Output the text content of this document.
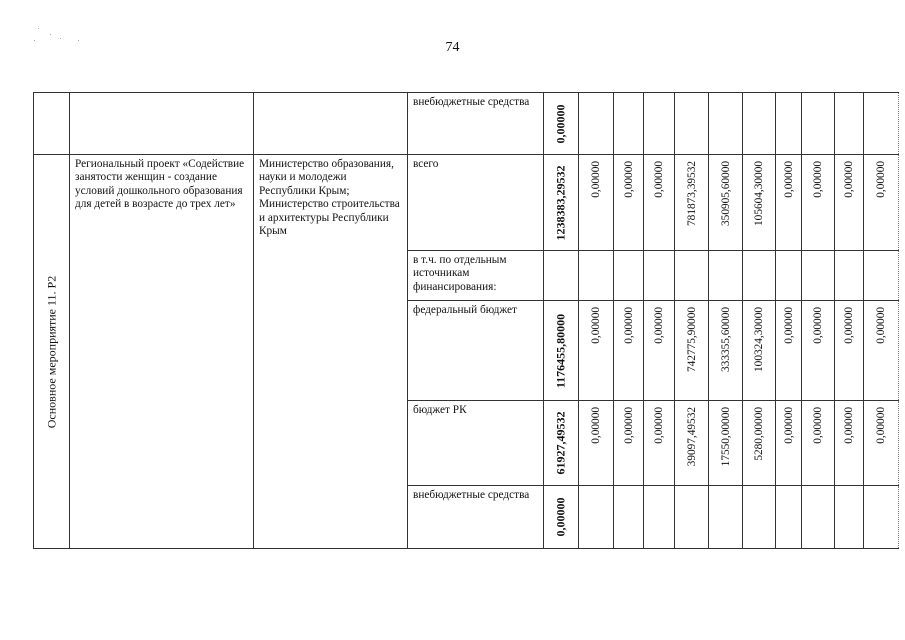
74

			внебюджетные средства	0,00000										

Основное мероприятие 11. Р2	Региональный проект «Содействие занятости женщин - создание условий дошкольного образования для детей в возрасте до трех лет»	Министерство образования, науки и молодежи Республики Крым; Министерство строительства и архитектуры Республики Крым	всего	1238383,29532	0,00000	0,00000	0,00000	781873,39532	350905,60000	105604,30000	0,00000	0,00000	0,00000	0,00000

			в т.ч. по отдельным источникам финансирования:											

			федеральный бюджет	1176455,80000	0,00000	0,00000	0,00000	742775,90000	333355,60000	100324,30000	0,00000	0,00000	0,00000	0,00000

			бюджет РК	61927,49532	0,00000	0,00000	0,00000	39097,49532	17550,00000	5280,00000	0,00000	0,00000	0,00000	0,00000

			внебюджетные средства	0,00000										
